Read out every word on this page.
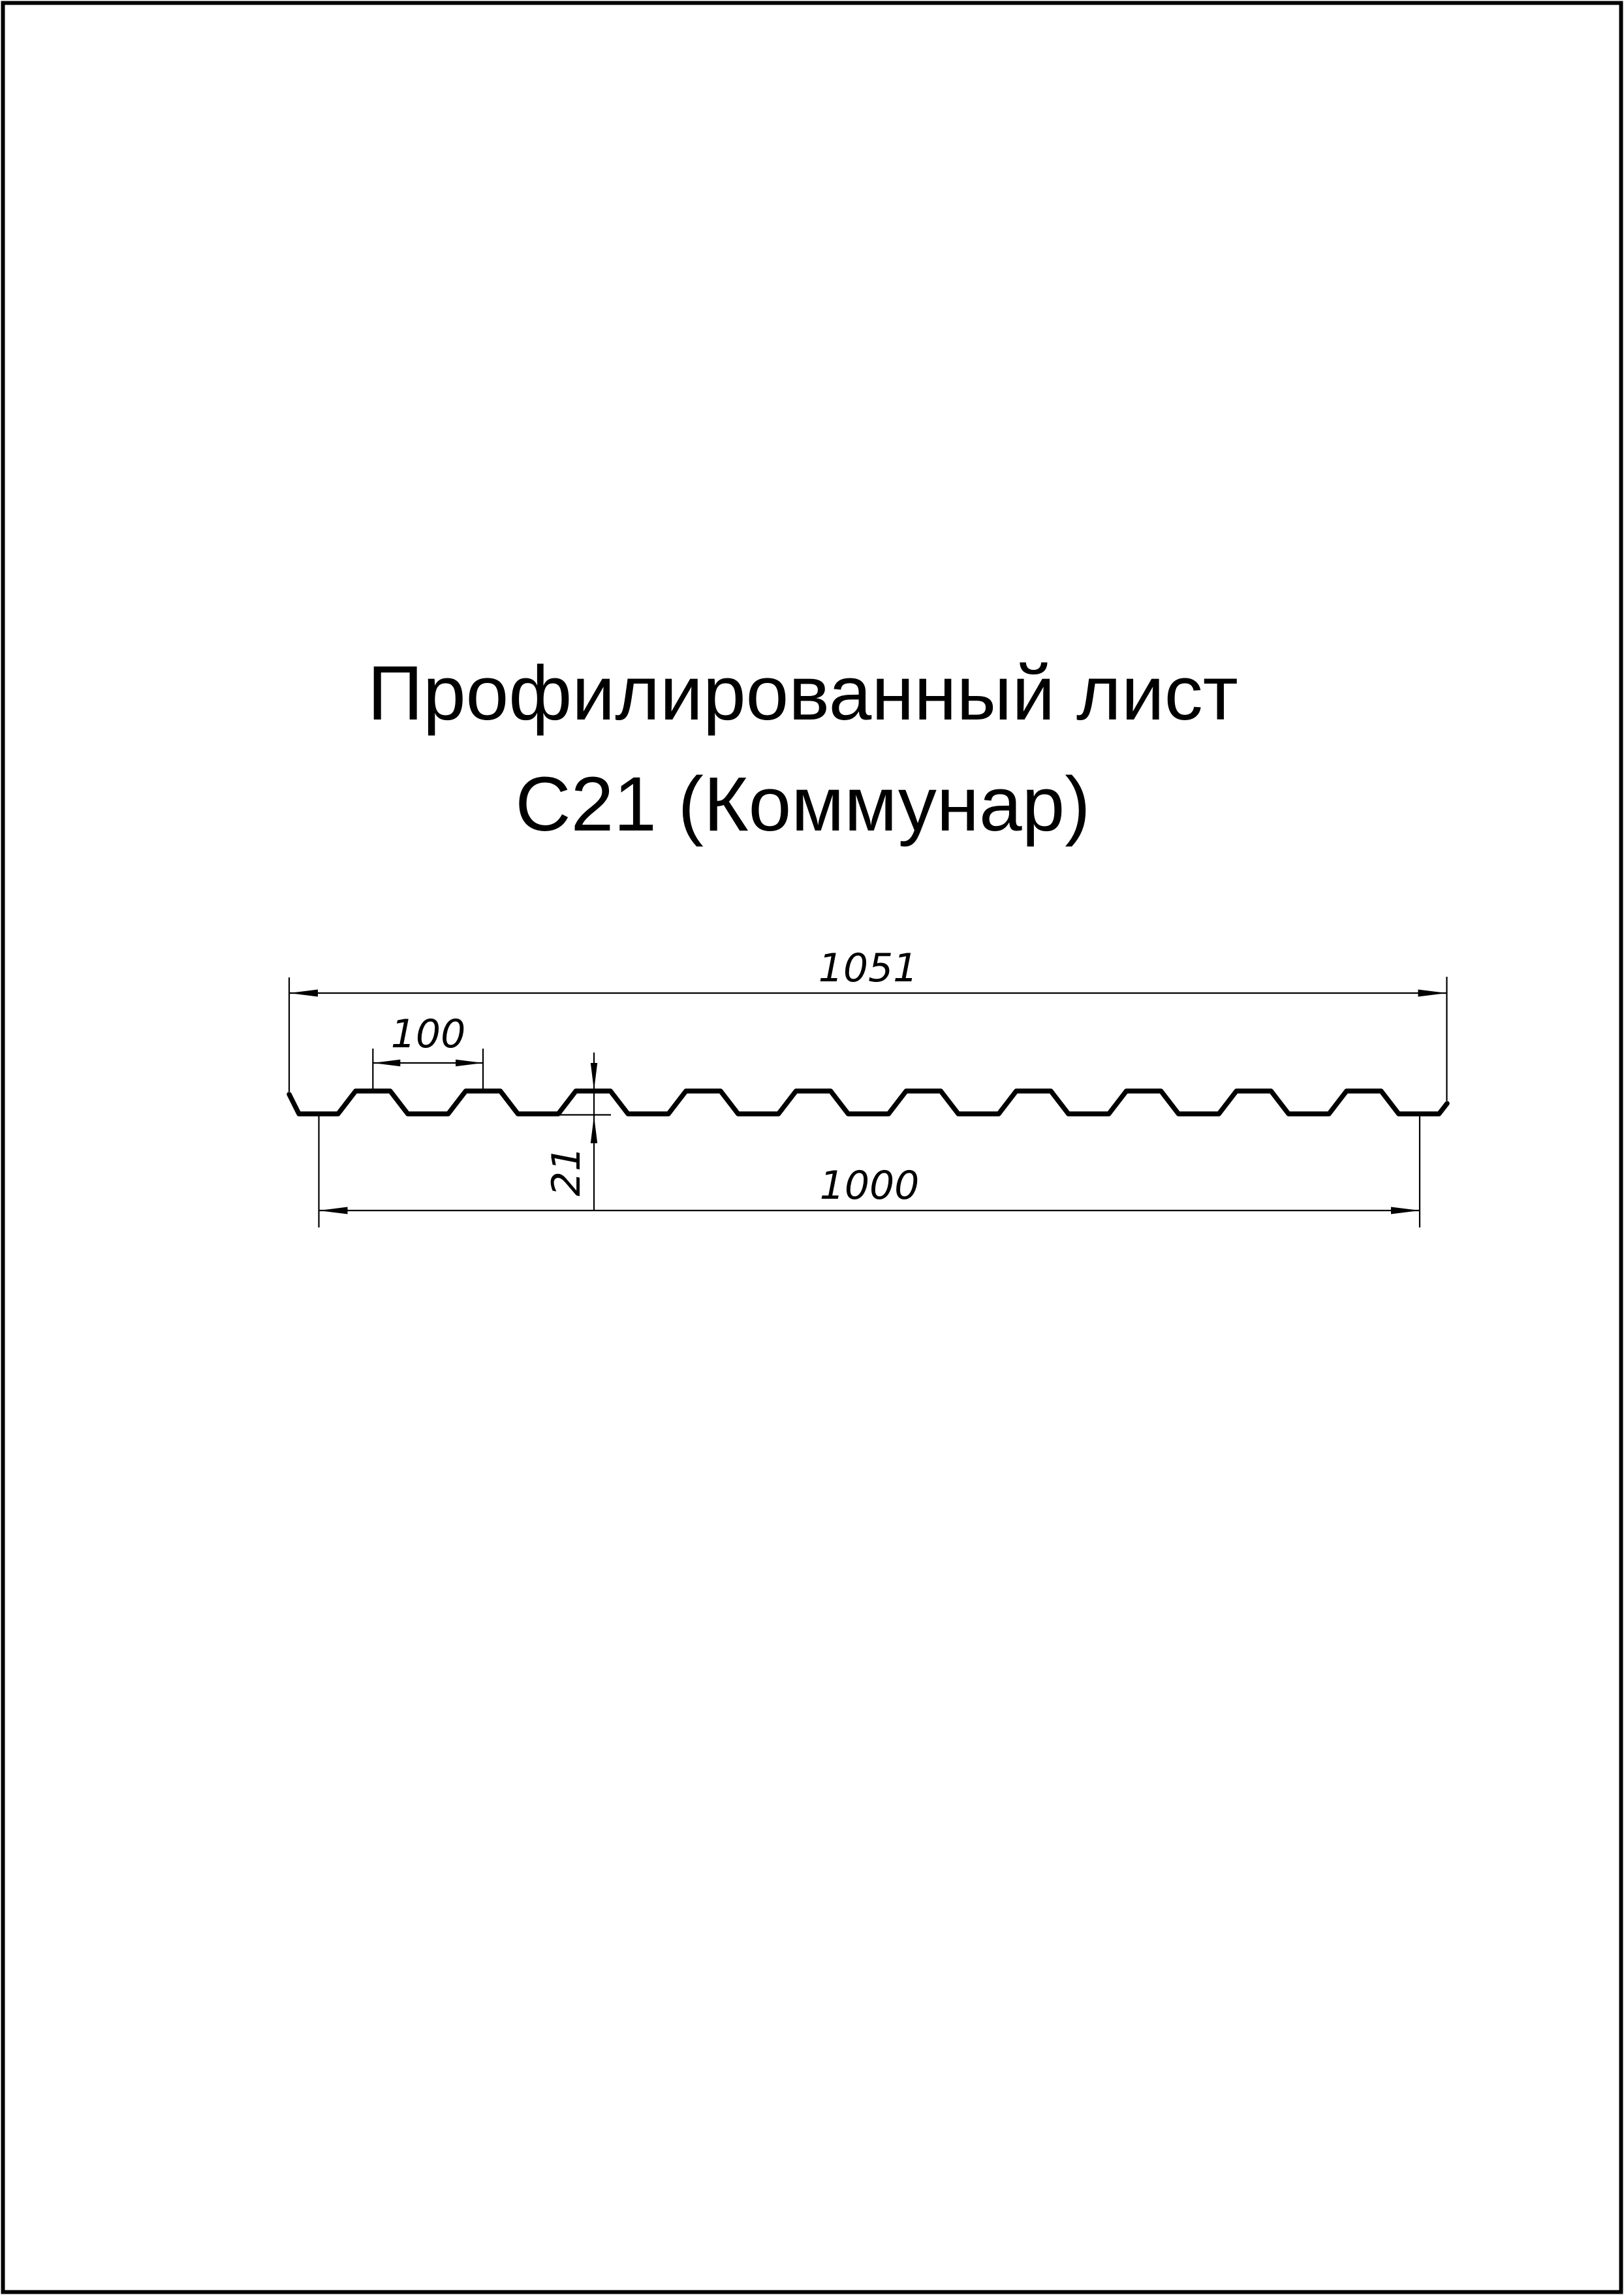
Профилированный лист
С21 (Коммунар)
1051
100
21	1000
